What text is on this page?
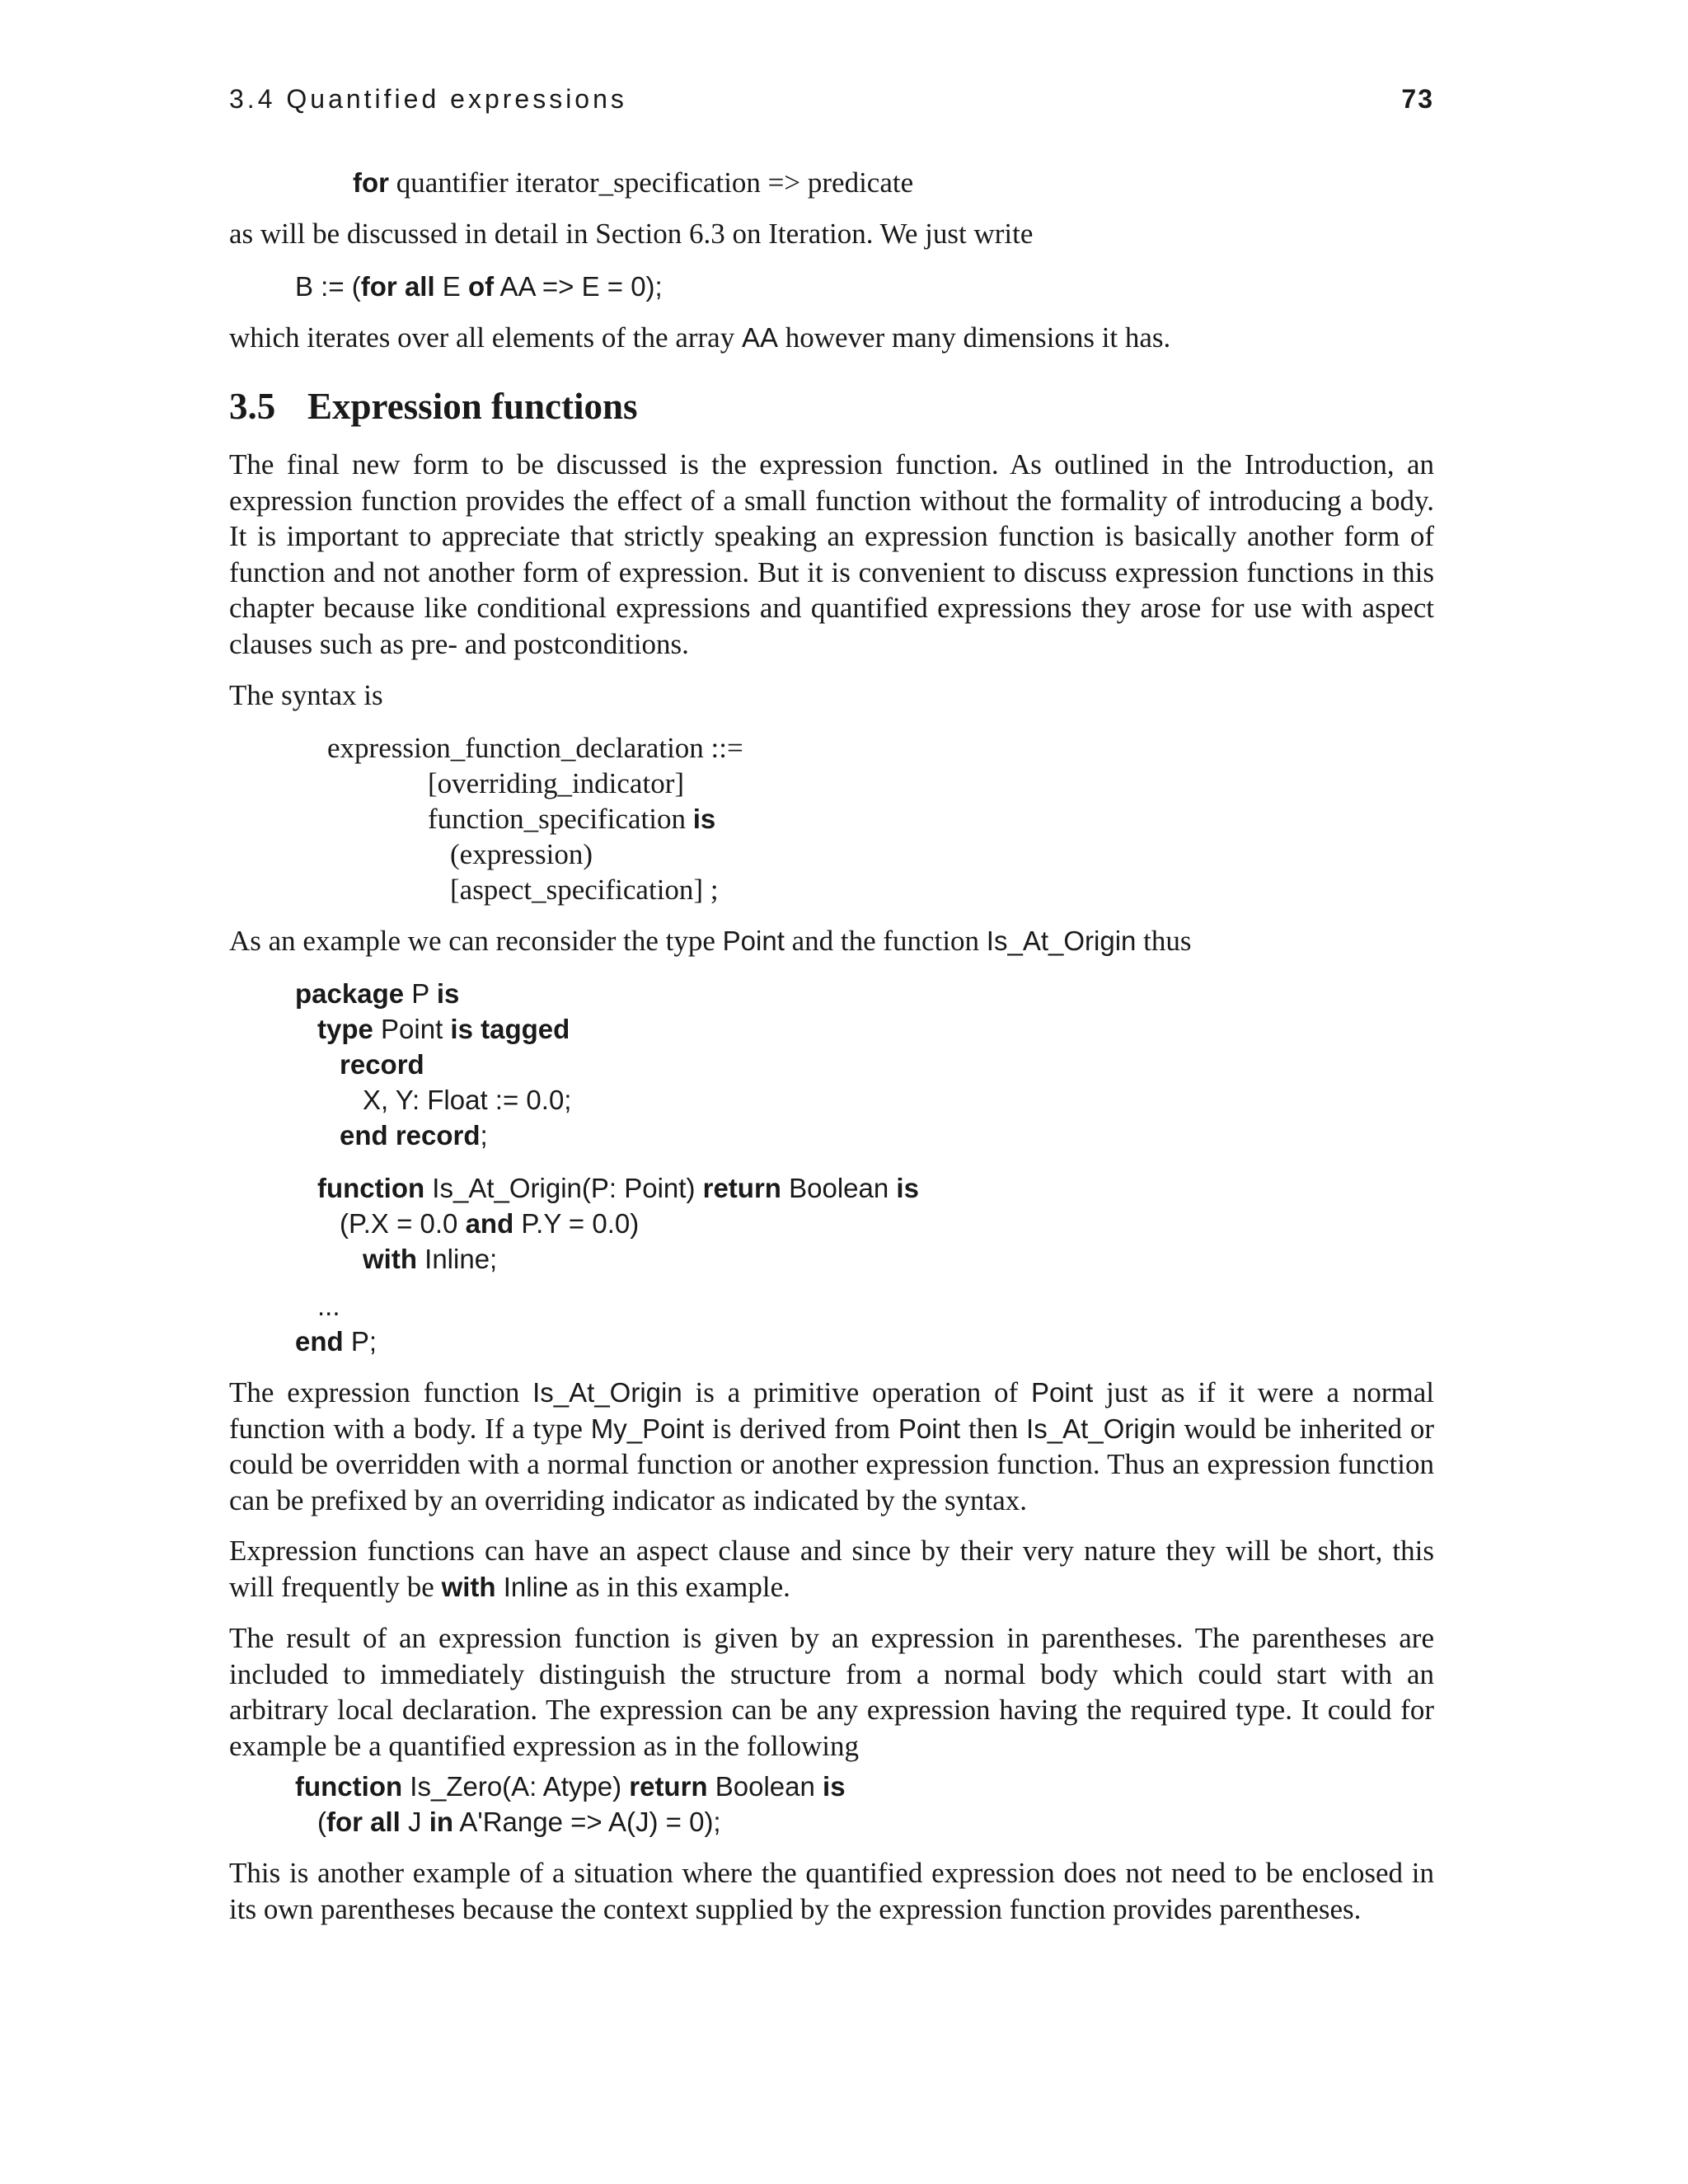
3.4 Quantified expressions	73
for quantifier iterator_specification => predicate
as will be discussed in detail in Section 6.3 on Iteration. We just write
B := (for all E of AA => E = 0);
which iterates over all elements of the array AA however many dimensions it has.
3.5 Expression functions
The final new form to be discussed is the expression function. As outlined in the Introduction, an expression function provides the effect of a small function without the formality of introducing a body. It is important to appreciate that strictly speaking an expression function is basically another form of function and not another form of expression. But it is convenient to discuss expression functions in this chapter because like conditional expressions and quantified expressions they arose for use with aspect clauses such as pre- and postconditions.
The syntax is
expression_function_declaration ::=
[overriding_indicator]
function_specification is
(expression)
[aspect_specification] ;
As an example we can reconsider the type Point and the function Is_At_Origin thus
package P is
type Point is tagged
record
X, Y: Float := 0.0;
end record;
function Is_At_Origin(P: Point) return Boolean is
(P.X = 0.0 and P.Y = 0.0)
with Inline;
...
end P;
The expression function Is_At_Origin is a primitive operation of Point just as if it were a normal function with a body. If a type My_Point is derived from Point then Is_At_Origin would be inherited or could be overridden with a normal function or another expression function. Thus an expression function can be prefixed by an overriding indicator as indicated by the syntax.
Expression functions can have an aspect clause and since by their very nature they will be short, this will frequently be with Inline as in this example.
The result of an expression function is given by an expression in parentheses. The parentheses are included to immediately distinguish the structure from a normal body which could start with an arbitrary local declaration. The expression can be any expression having the required type. It could for example be a quantified expression as in the following
function Is_Zero(A: Atype) return Boolean is
(for all J in A'Range => A(J) = 0);
This is another example of a situation where the quantified expression does not need to be enclosed in its own parentheses because the context supplied by the expression function provides parentheses.
